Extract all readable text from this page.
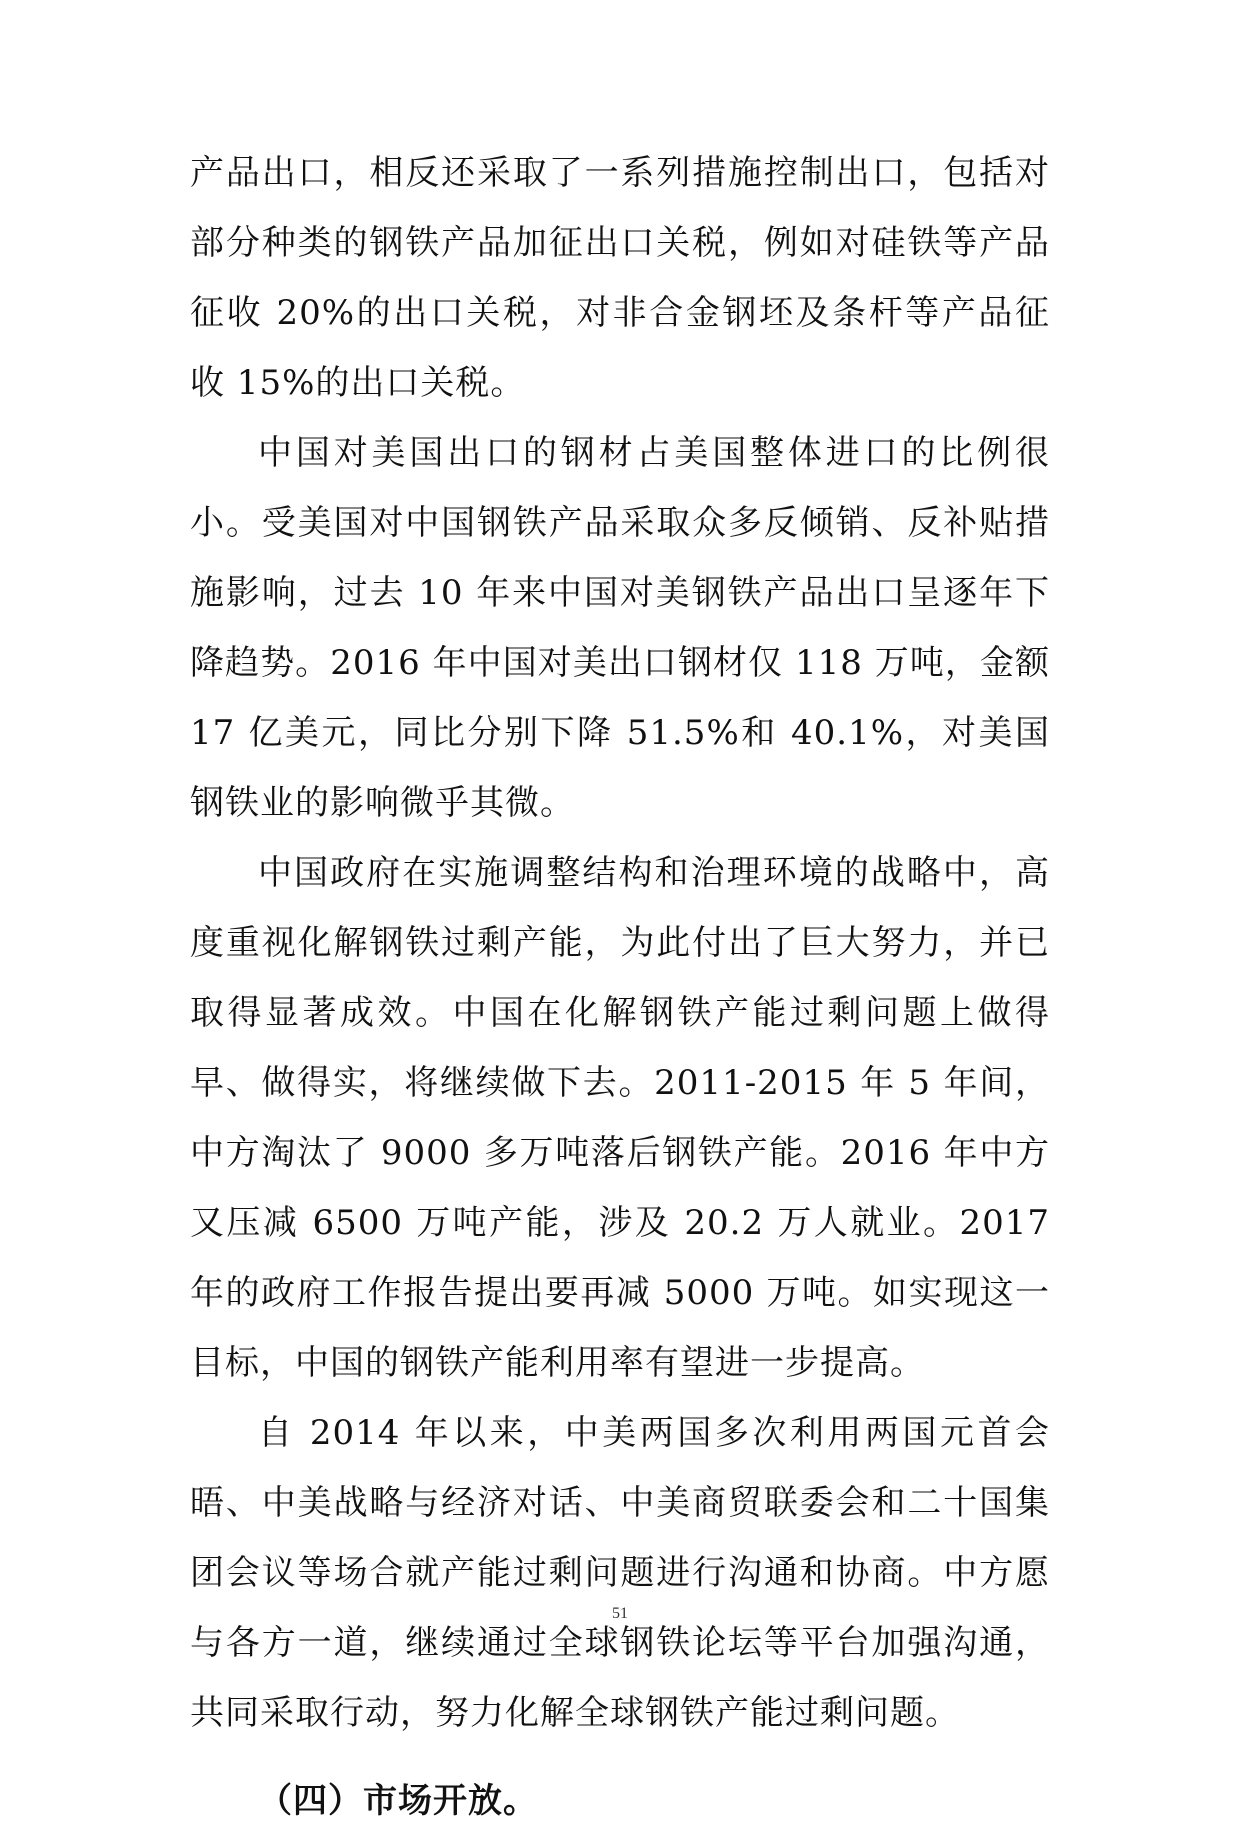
产品出口，相反还采取了一系列措施控制出口，包括对部分种类的钢铁产品加征出口关税，例如对硅铁等产品征收 20%的出口关税，对非合金钢坯及条杆等产品征收 15%的出口关税。

中国对美国出口的钢材占美国整体进口的比例很小。受美国对中国钢铁产品采取众多反倾销、反补贴措施影响，过去 10 年来中国对美钢铁产品出口呈逐年下降趋势。2016 年中国对美出口钢材仅 118 万吨，金额 17 亿美元，同比分别下降 51.5%和 40.1%，对美国钢铁业的影响微乎其微。

中国政府在实施调整结构和治理环境的战略中，高度重视化解钢铁过剩产能，为此付出了巨大努力，并已取得显著成效。中国在化解钢铁产能过剩问题上做得早、做得实，将继续做下去。2011-2015 年 5 年间，中方淘汰了 9000 多万吨落后钢铁产能。2016 年中方又压减 6500 万吨产能，涉及 20.2 万人就业。2017 年的政府工作报告提出要再减 5000 万吨。如实现这一目标，中国的钢铁产能利用率有望进一步提高。

自 2014 年以来，中美两国多次利用两国元首会晤、中美战略与经济对话、中美商贸联委会和二十国集团会议等场合就产能过剩问题进行沟通和协商。中方愿与各方一道，继续通过全球钢铁论坛等平台加强沟通，共同采取行动，努力化解全球钢铁产能过剩问题。

（四）市场开放。
51
